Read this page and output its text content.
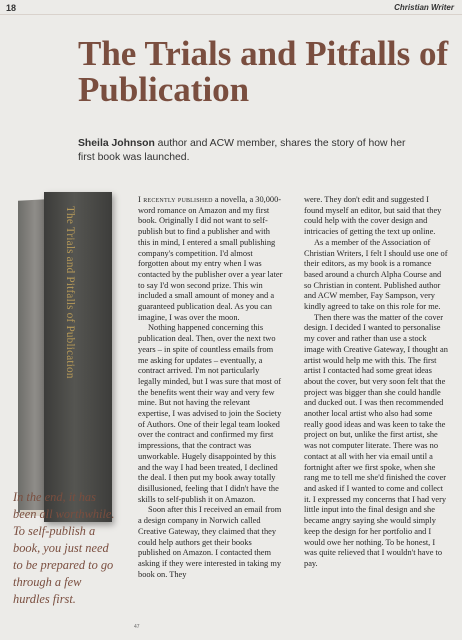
18	Christian Writer
The Trials and Pitfalls of Publication

Sheila Johnson author and ACW member, shares the story of how her first book was launched.

The Trials and Pitfalls of Publication

In the end, it has been all worthwhile. To self-publish a book, you just need to be prepared to go through a few hurdles first.

I recently published a novella, a 30,000-word romance on Amazon and my first book. Originally I did not want to self-publish but to find a publisher and with this in mind, I entered a small publishing company's competition. I'd almost forgotten about my entry when I was contacted by the publisher over a year later to say I'd won second prize. This win included a small amount of money and a guaranteed publication deal. As you can imagine, I was over the moon.

Nothing happened concerning this publication deal. Then, over the next two years – in spite of countless emails from me asking for updates – eventually, a contract arrived. I'm not particularly legally minded, but I was sure that most of the benefits went their way and very few mine. But not having the relevant expertise, I was advised to join the Society of Authors. One of their legal team looked over the contract and confirmed my first impressions, that the contract was unworkable. Hugely disappointed by this and the way I had been treated, I declined the deal. I then put my book away totally disillusioned, feeling that I didn't have the skills to self-publish it on Amazon.

Soon after this I received an email from a design company in Norwich called Creative Gateway, they claimed that they could help authors get their books published on Amazon. I contacted them asking if they were interested in taking my book on. They

were. They don't edit and suggested I found myself an editor, but said that they could help with the cover design and intricacies of getting the text up online.

As a member of the Association of Christian Writers, I felt I should use one of their editors, as my book is a romance based around a church Alpha Course and so Christian in content. Published author and ACW member, Fay Sampson, very kindly agreed to take on this role for me.

Then there was the matter of the cover design. I decided I wanted to personalise my cover and rather than use a stock image with Creative Gateway, I thought an artist would help me with this. The first artist I contacted had some great ideas about the cover, but very soon felt that the project was bigger than she could handle and ducked out. I was then recommended another local artist who also had some really good ideas and was keen to take the project on but, unlike the first artist, she was not computer literate. There was no contact at all with her via email until a fortnight after we first spoke, when she rang me to tell me she'd finished the cover and asked if I wanted to come and collect it. I expressed my concerns that I had very little input into the final design and she became angry saying she would simply keep the design for her portfolio and I would owe her nothing. To be honest, I was quite relieved that I wouldn't have to pay.

47
